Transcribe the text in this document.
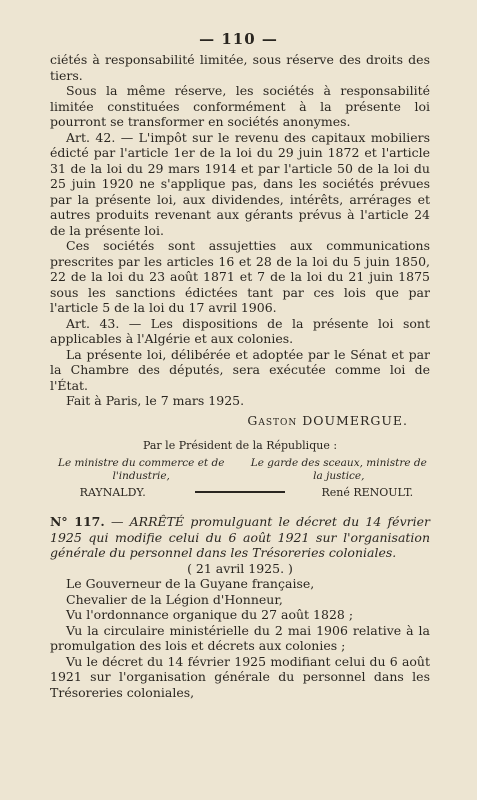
— 110 —

ciétés à responsabilité limitée, sous réserve des droits des tiers.

Sous la même réserve, les sociétés à responsabilité limitée constituées conformément à la présente loi pourront se transformer en sociétés anonymes.

Art. 42. — L'impôt sur le revenu des capitaux mobiliers édicté par l'article 1er de la loi du 29 juin 1872 et l'article 31 de la loi du 29 mars 1914 et par l'article 50 de la loi du 25 juin 1920 ne s'applique pas, dans les sociétés prévues par la présente loi, aux dividendes, intérêts, arrérages et autres produits revenant aux gérants prévus à l'article 24 de la présente loi.

Ces sociétés sont assujetties aux communications prescrites par les articles 16 et 28 de la loi du 5 juin 1850, 22 de la loi du 23 août 1871 et 7 de la loi du 21 juin 1875 sous les sanctions édictées tant par ces lois que par l'article 5 de la loi du 17 avril 1906.

Art. 43. — Les dispositions de la présente loi sont applicables à l'Algérie et aux colonies.

La présente loi, délibérée et adoptée par le Sénat et par la Chambre des députés, sera exécutée comme loi de l'État.

Fait à Paris, le 7 mars 1925.

Gaston DOUMERGUE.

Par le Président de la République :

Le ministre du commerce et de l'industrie,
Le garde des sceaux, ministre de la justice,
RAYNALDY.	René RENOULT.

N° 117. — ARRÊTÉ promulguant le décret du 14 février 1925 qui modifie celui du 6 août 1921 sur l'organisation générale du personnel dans les Trésoreries coloniales.

( 21 avril 1925. )

Le Gouverneur de la Guyane française,

Chevalier de la Légion d'Honneur,

Vu l'ordonnance organique du 27 août 1828 ;

Vu la circulaire ministérielle du 2 mai 1906 relative à la promulgation des lois et décrets aux colonies ;

Vu le décret du 14 février 1925 modifiant celui du 6 août 1921 sur l'organisation générale du personnel dans les Trésoreries coloniales,
